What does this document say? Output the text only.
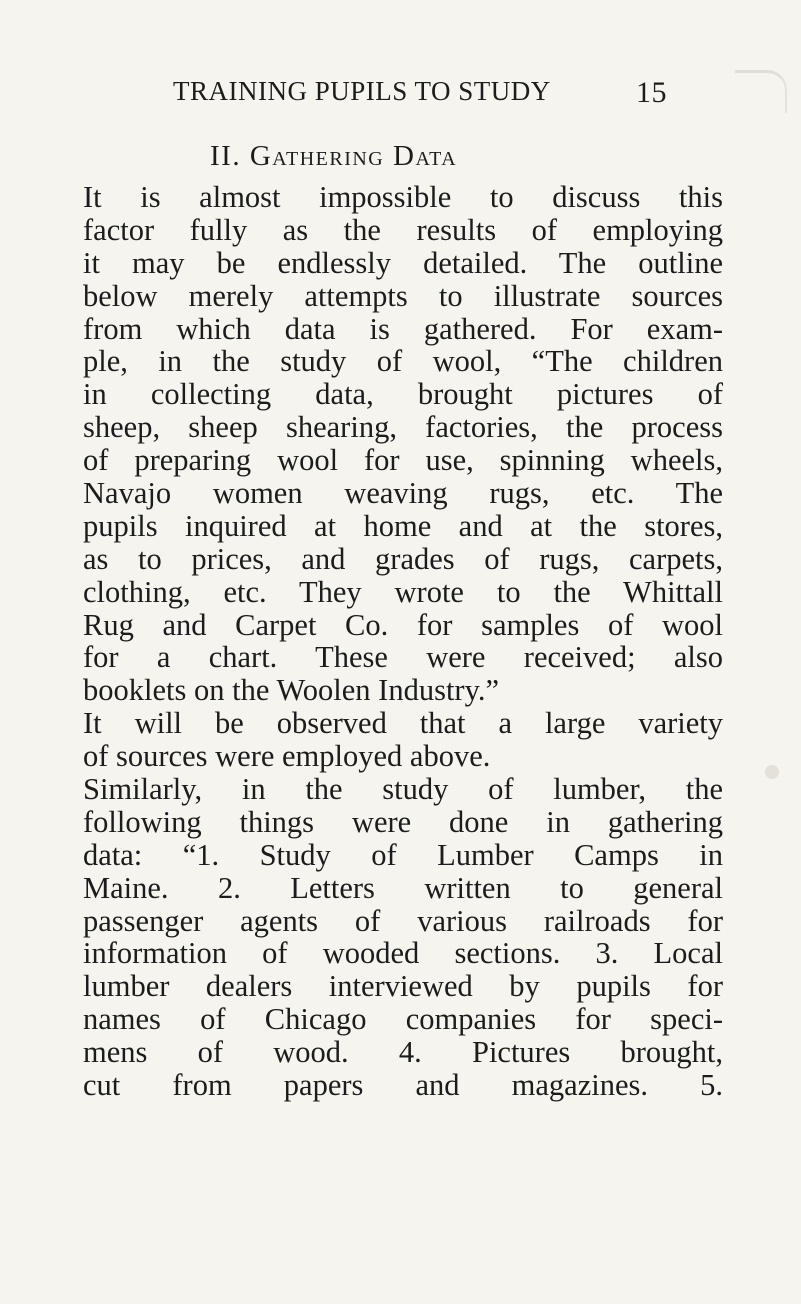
TRAINING PUPILS TO STUDY	15
II. Gathering Data
It is almost impossible to discuss this
factor fully as the results of employing
it may be endlessly detailed. The outline
below merely attempts to illustrate sources
from which data is gathered. For exam-
ple, in the study of wool, “The children
in collecting data, brought pictures of
sheep, sheep shearing, factories, the process
of preparing wool for use, spinning wheels,
Navajo women weaving rugs, etc. The
pupils inquired at home and at the stores,
as to prices, and grades of rugs, carpets,
clothing, etc. They wrote to the Whittall
Rug and Carpet Co. for samples of wool
for a chart. These were received; also
booklets on the Woolen Industry.”
It will be observed that a large variety
of sources were employed above.
Similarly, in the study of lumber, the
following things were done in gathering
data: “1. Study of Lumber Camps in
Maine. 2. Letters written to general
passenger agents of various railroads for
information of wooded sections. 3. Local
lumber dealers interviewed by pupils for
names of Chicago companies for speci-
mens of wood. 4. Pictures brought,
cut from papers and magazines. 5.
